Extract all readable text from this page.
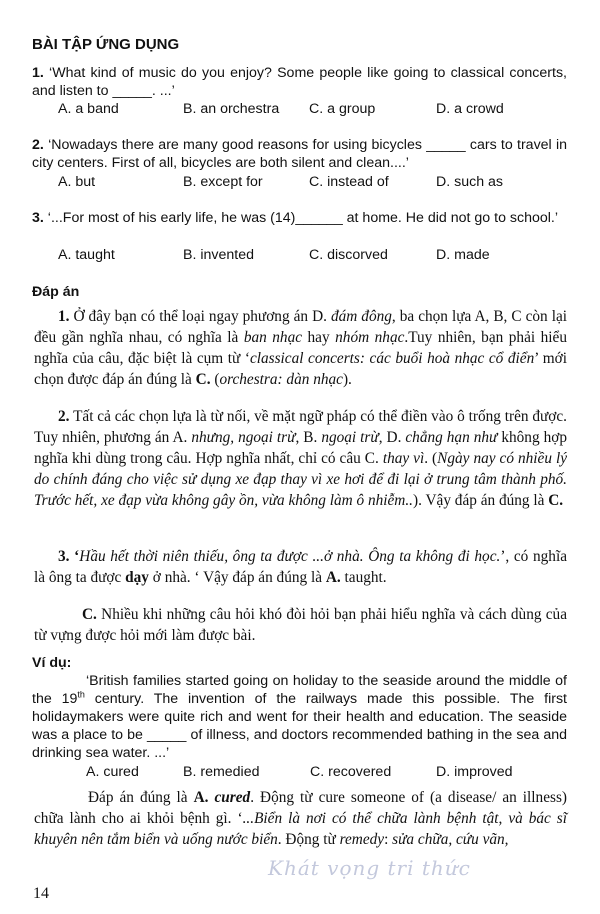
BÀI TẬP ỨNG DỤNG
1. ‘What kind of music do you enjoy? Some people like going to classical concerts, and listen to _____. ...’
A. a band	B. an orchestra C. a group	D. a crowd
2. ‘Nowadays there are many good reasons for using bicycles _____ cars to travel in city centers. First of all, bicycles are both silent and clean....’
A. but	B. except for	C. instead of	D. such as
3. ‘...For most of his early life, he was (14)______ at home. He did not go to school.’
A. taught	B. invented	C. discorved	D. made
Đáp án
1. Ở đây bạn có thể loại ngay phương án D. đám đông, ba chọn lựa A, B, C còn lại đều gần nghĩa nhau, có nghĩa là ban nhạc hay nhóm nhạc.Tuy nhiên, bạn phải hiểu nghĩa của câu, đặc biệt là cụm từ ‘classical concerts: các buổi hoà nhạc cổ điển’ mới chọn được đáp án đúng là C. (orchestra: dàn nhạc).
2. Tất cả các chọn lựa là từ nối, về mặt ngữ pháp có thể điền vào ô trống trên được. Tuy nhiên, phương án A. nhưng, ngoại trừ, B. ngoại trừ, D. chẳng hạn như không hợp nghĩa khi dùng trong câu. Hợp nghĩa nhất, chỉ có câu C. thay vì. (Ngày nay có nhiều lý do chính đáng cho việc sử dụng xe đạp thay vì xe hơi để đi lại ở trung tâm thành phố. Trước hết, xe đạp vừa không gây ồn, vừa không làm ô nhiễm..). Vậy đáp án đúng là C.
3. ‘Hầu hết thời niên thiếu, ông ta được ...ở nhà. Ông ta không đi học.’, có nghĩa là ông ta được dạy ở nhà. ‘ Vậy đáp án đúng là A. taught.
C. Nhiều khi những câu hỏi khó đòi hỏi bạn phải hiểu nghĩa và cách dùng của từ vựng được hỏi mới làm được bài.
Ví dụ:
‘British families started going on holiday to the seaside around the middle of the 19th century. The invention of the railways made this possible. The first holidaymakers were quite rich and went for their health and education. The seaside was a place to be _____ of illness, and doctors recommended bathing in the sea and drinking sea water. ...’
A. cured	B. remedied	C. recovered	D. improved
Đáp án đúng là A. cured. Động từ cure someone of (a disease/ an illness) chữa lành cho ai khỏi bệnh gì. ‘...Biển là nơi có thể chữa lành bệnh tật, và bác sĩ khuyên nên tắm biển và uống nước biển. Động từ remedy: sửa chữa, cứu vãn,
Khát vọng tri thức
14
